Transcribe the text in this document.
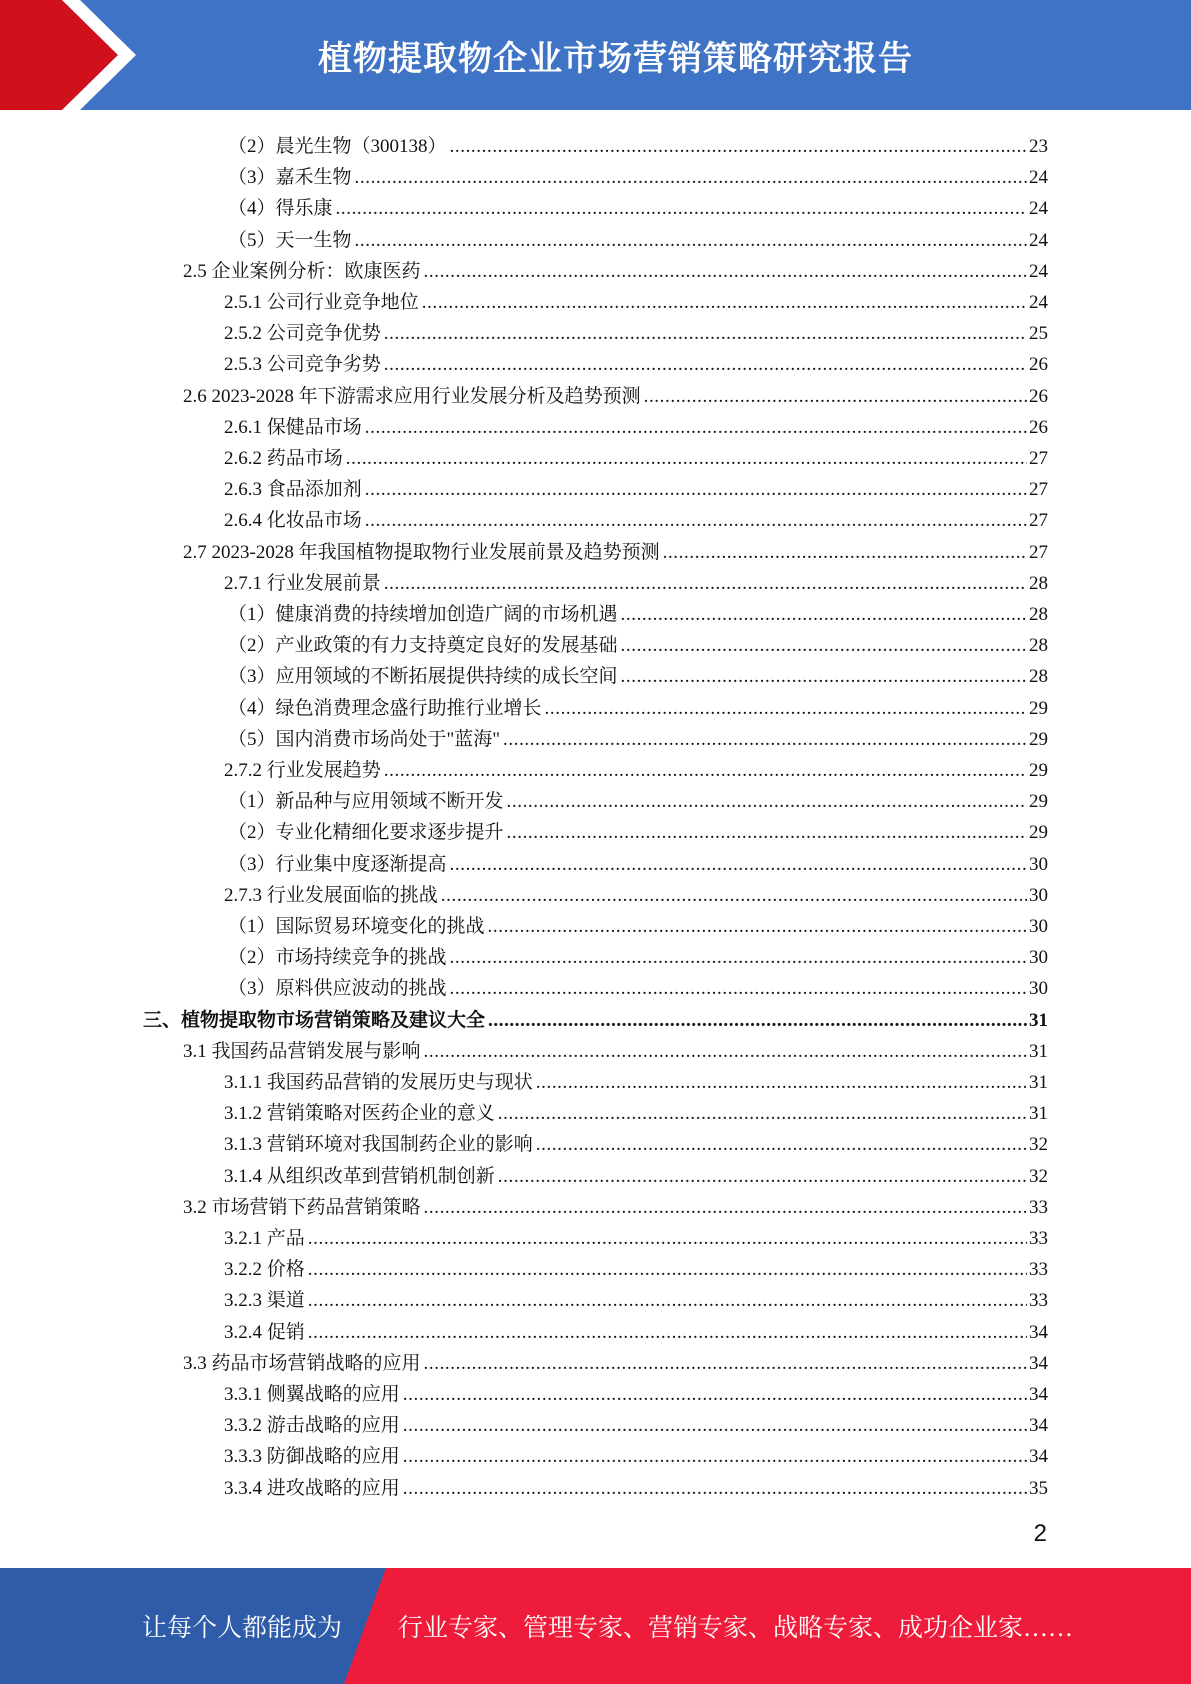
植物提取物企业市场营销策略研究报告
（2）晨光生物（300138） .....	23
（3）嘉禾生物 .....	24
（4）得乐康 .....	24
（5）天一生物 .....	24
2.5 企业案例分析：欧康医药 .....	24
2.5.1 公司行业竞争地位 .....	24
2.5.2 公司竞争优势 .....	25
2.5.3 公司竞争劣势 .....	26
2.6 2023-2028 年下游需求应用行业发展分析及趋势预测 .....	26
2.6.1 保健品市场 .....	26
2.6.2 药品市场 .....	27
2.6.3 食品添加剂 .....	27
2.6.4 化妆品市场 .....	27
2.7 2023-2028 年我国植物提取物行业发展前景及趋势预测 .....	27
2.7.1 行业发展前景 .....	28
（1）健康消费的持续增加创造广阔的市场机遇 .....	28
（2）产业政策的有力支持奠定良好的发展基础 .....	28
（3）应用领域的不断拓展提供持续的成长空间 .....	28
（4）绿色消费理念盛行助推行业增长 .....	29
（5）国内消费市场尚处于"蓝海" .....	29
2.7.2 行业发展趋势 .....	29
（1）新品种与应用领域不断开发 .....	29
（2）专业化精细化要求逐步提升 .....	29
（3）行业集中度逐渐提高 .....	30
2.7.3 行业发展面临的挑战 .....	30
（1）国际贸易环境变化的挑战 .....	30
（2）市场持续竞争的挑战 .....	30
（3）原料供应波动的挑战 .....	30
三、植物提取物市场营销策略及建议大全 .....	31
3.1 我国药品营销发展与影响 .....	31
3.1.1 我国药品营销的发展历史与现状 .....	31
3.1.2 营销策略对医药企业的意义 .....	31
3.1.3 营销环境对我国制药企业的影响 .....	32
3.1.4 从组织改革到营销机制创新 .....	32
3.2 市场营销下药品营销策略 .....	33
3.2.1 产品 .....	33
3.2.2 价格 .....	33
3.2.3 渠道 .....	33
3.2.4 促销 .....	34
3.3 药品市场营销战略的应用 .....	34
3.3.1 侧翼战略的应用 .....	34
3.3.2 游击战略的应用 .....	34
3.3.3 防御战略的应用 .....	34
3.3.4 进攻战略的应用 .....	35
2
让每个人都能成为 行业专家、管理专家、营销专家、战略专家、成功企业家……
